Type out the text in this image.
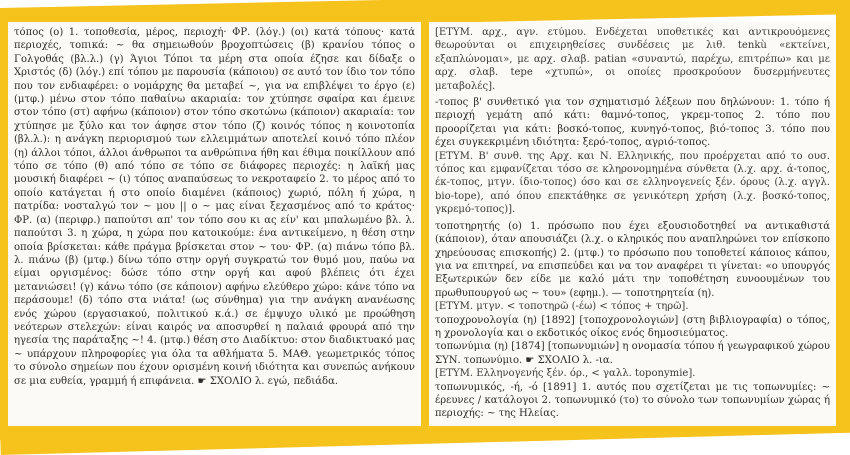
τόπος (ο) 1. τοποθεσία, μέρος, περιοχή· ΦΡ. (λόγ.) (οι) κατά τόπους· κατά περιοχές, τοπικά: ~ θα σημειωθούν βροχοπτώσεις (β) κρανίου τόπος ο Γολγοθάς (βλ.λ.) (γ) Άγιοι Τόποι τα μέρη στα οποία έζησε και δίδαξε ο Χριστός (δ) (λόγ.) επί τόπου με παρουσία (κάποιου) σε αυτό τον ίδιο τον τόπο που τον ενδιαφέρει: ο νομάρχης θα μεταβεί ~, για να επιβλέψει το έργο (ε) (μτφ.) μένω στον τόπο παθαίνω ακαριαία: τον χτύπησε σφαίρα και έμεινε στον τόπο (στ) αφήνω (κάποιον) στον τόπο σκοτώνω (κάποιον) ακαριαία: τον χτύπησε με ξύλο και τον άφησε στον τόπο (ζ) κοινός τόπος η κοινοτοπία (βλ.λ.): η ανάγκη περιορισμού των ελλειμμάτων αποτελεί κοινό τόπο πλέον (η) άλλοι τόποι, άλλοι άνθρωποι τα ανθρώπινα ήθη και έθιμα ποικίλλουν από τόπο σε τόπο (θ) από τόπο σε τόπο σε διάφορες περιοχές: η λαϊκή μας μουσική διαφέρει ~ (ι) τόπος αναπαύσεως το νεκροταφείο 2. το μέρος από το οποίο κατάγεται ή στο οποίο διαμένει (κάποιος) χωριό, πόλη ή χώρα, η πατρίδα: νοσταλγώ τον ~ μου || ο ~ μας είναι ξεχασμένος από το κράτος· ΦΡ. (α) (περιφρ.) παπούτσι απ' τον τόπο σου κι ας είν' και μπαλωμένο βλ. λ. παπούτσι 3. η χώρα, η χώρα που κατοικούμε: ένα αντικείμενο, η θέση στην οποία βρίσκεται: κάθε πράγμα βρίσκεται στον ~ του· ΦΡ. (α) πιάνω τόπο βλ. λ. πιάνω (β) (μτφ.) δίνω τόπο στην οργή συγκρατώ τον θυμό μου, παύω να είμαι οργισμένος: δώσε τόπο στην οργή και αφού βλέπεις ότι έχει μετανιώσει! (γ) κάνω τόπο (σε κάποιον) αφήνω ελεύθερο χώρο: κάνε τόπο να περάσουμε! (δ) τόπο στα νιάτα! (ως σύνθημα) για την ανάγκη ανανέωσης ενός χώρου (εργασιακού, πολιτικού κ.ά.) σε έμψυχο υλικό με προώθηση νεότερων στελεχών: είναι καιρός να αποσυρθεί η παλαιά φρουρά από την ηγεσία της παράταξης ~! 4. (μτφ.) θέση στο Διαδίκτυο: στον διαδικτυακό μας ~ υπάρχουν πληροφορίες για όλα τα αθλήματα 5. ΜΑΘ. γεωμετρικός τόπος το σύνολο σημείων που έχουν ορισμένη κοινή ιδιότητα και συνεπώς ανήκουν σε μια ευθεία, γραμμή ή επιφάνεια. ☛ ΣΧΟΛΙΟ λ. εγώ, πεδιάδα.

[ΕΤΥΜ. αρχ., αγν. ετύμου. Ενδέχεται υποθετικές και αντικρουόμενες θεωρούνται οι επιχειρηθείσες συνδέσεις με λιθ. tenkù «εκτείνει, εξαπλώνομαι», με αρχ. σλαβ. patian «συναντώ, παρέχω, επιτρέπω» και με αρχ. σλαβ. tepe «χτυπώ», οι οποίες προσκρούουν δυσερμήνευτες μεταβολές].

-τοπος β' συνθετικό για τον σχηματισμό λέξεων που δηλώνουν: 1. τόπο ή περιοχή γεμάτη από κάτι: θαμνό-τοπος, γκρεμ-τοπος 2. τόπο που προορίζεται για κάτι: βοσκό-τοπος, κυνηγό-τοπος, βιό-τοπος 3. τόπο που έχει συγκεκριμένη ιδιότητα: ξερό-τοπος, αγριό-τοπος.

[ΕΤΥΜ. Β' συνθ. της Αρχ. και Ν. Ελληνικής, που προέρχεται από το ουσ. τόπος και εμφανίζεται τόσο σε κληρονομημένα σύνθετα (λ.χ. αρχ. ά-τοπος, έκ-τοπος, μτγν. ίδιο-τοπος) όσο και σε ελληνογενείς ξέν. όρους (λ.χ. αγγλ. bio-tope), από όπου επεκτάθηκε σε γενικότερη χρήση (λ.χ. βοσκό-τοπος, γκρεμό-τοπος)].

τοποτηρητής (ο) 1. πρόσωπο που έχει εξουσιοδοτηθεί να αντικαθιστά (κάποιον), όταν απουσιάζει (λ.χ. ο κληρικός που αναπληρώνει τον επίσκοπο χηρεύουσας επισκοπής) 2. (μτφ.) το πρόσωπο που τοποθετεί κάποιος κάπου, για να επιτηρεί, να επισπεύδει και να τον αναφέρει τι γίνεται: «ο υπουργός Εξωτερικών δεν είδε με καλό μάτι την τοποθέτηση ευνοουμένων του πρωθυπουργού ως ~ του» (εφημ.). — τοποτηρητεία (η).

[ΕΤΥΜ. μτγν. < τοποτηρῶ (-έω) < τόπος + τηρῶ].

τοποχρονολογία (η) [1892] [τοποχρονολογιών] (στη βιβλιογραφία) ο τόπος, η χρονολογία και ο εκδοτικός οίκος ενός δημοσιεύματος.

τοπωνύμια (η) [1874] [τοπωνυμιών] η ονομασία τόπου ή γεωγραφικού χώρου ΣΥΝ. τοπωνύμιο. ☛ ΣΧΟΛΙΟ λ. -ια.

[ΕΤΥΜ. Ελληνογενής ξέν. όρ., < γαλλ. toponymie].

τοπωνυμικός, -ή, -ό [1891] 1. αυτός που σχετίζεται με τις τοπωνυμίες: ~ έρευνες / κατάλογοι 2. τοπωνυμικό (το) το σύνολο των τοπωνυμίων χώρας ή περιοχής: ~ της Ηλείας.
